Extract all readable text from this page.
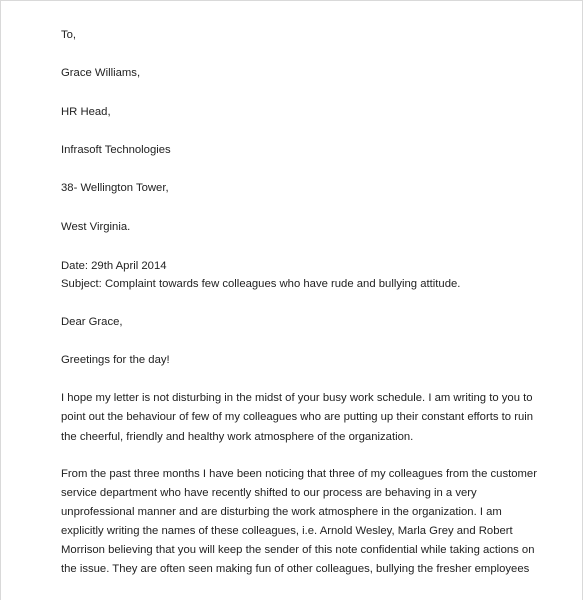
To,
Grace Williams,
HR Head,
Infrasoft Technologies
38- Wellington Tower,
West Virginia.
Date: 29th April 2014
Subject: Complaint towards few colleagues who have rude and bullying attitude.
Dear Grace,
Greetings for the day!
I hope my letter is not disturbing in the midst of your busy work schedule. I am writing to you to
point out the behaviour of few of my colleagues who are putting up their constant efforts to ruin
the cheerful, friendly and healthy work atmosphere of the organization.
From the past three months I have been noticing that three of my colleagues from the customer
service department who have recently shifted to our process are behaving in a very
unprofessional manner and are disturbing the work atmosphere in the organization. I am
explicitly writing the names of these colleagues, i.e. Arnold Wesley, Marla Grey and Robert
Morrison believing that you will keep the sender of this note confidential while taking actions on
the issue. They are often seen making fun of other colleagues, bullying the fresher employees
